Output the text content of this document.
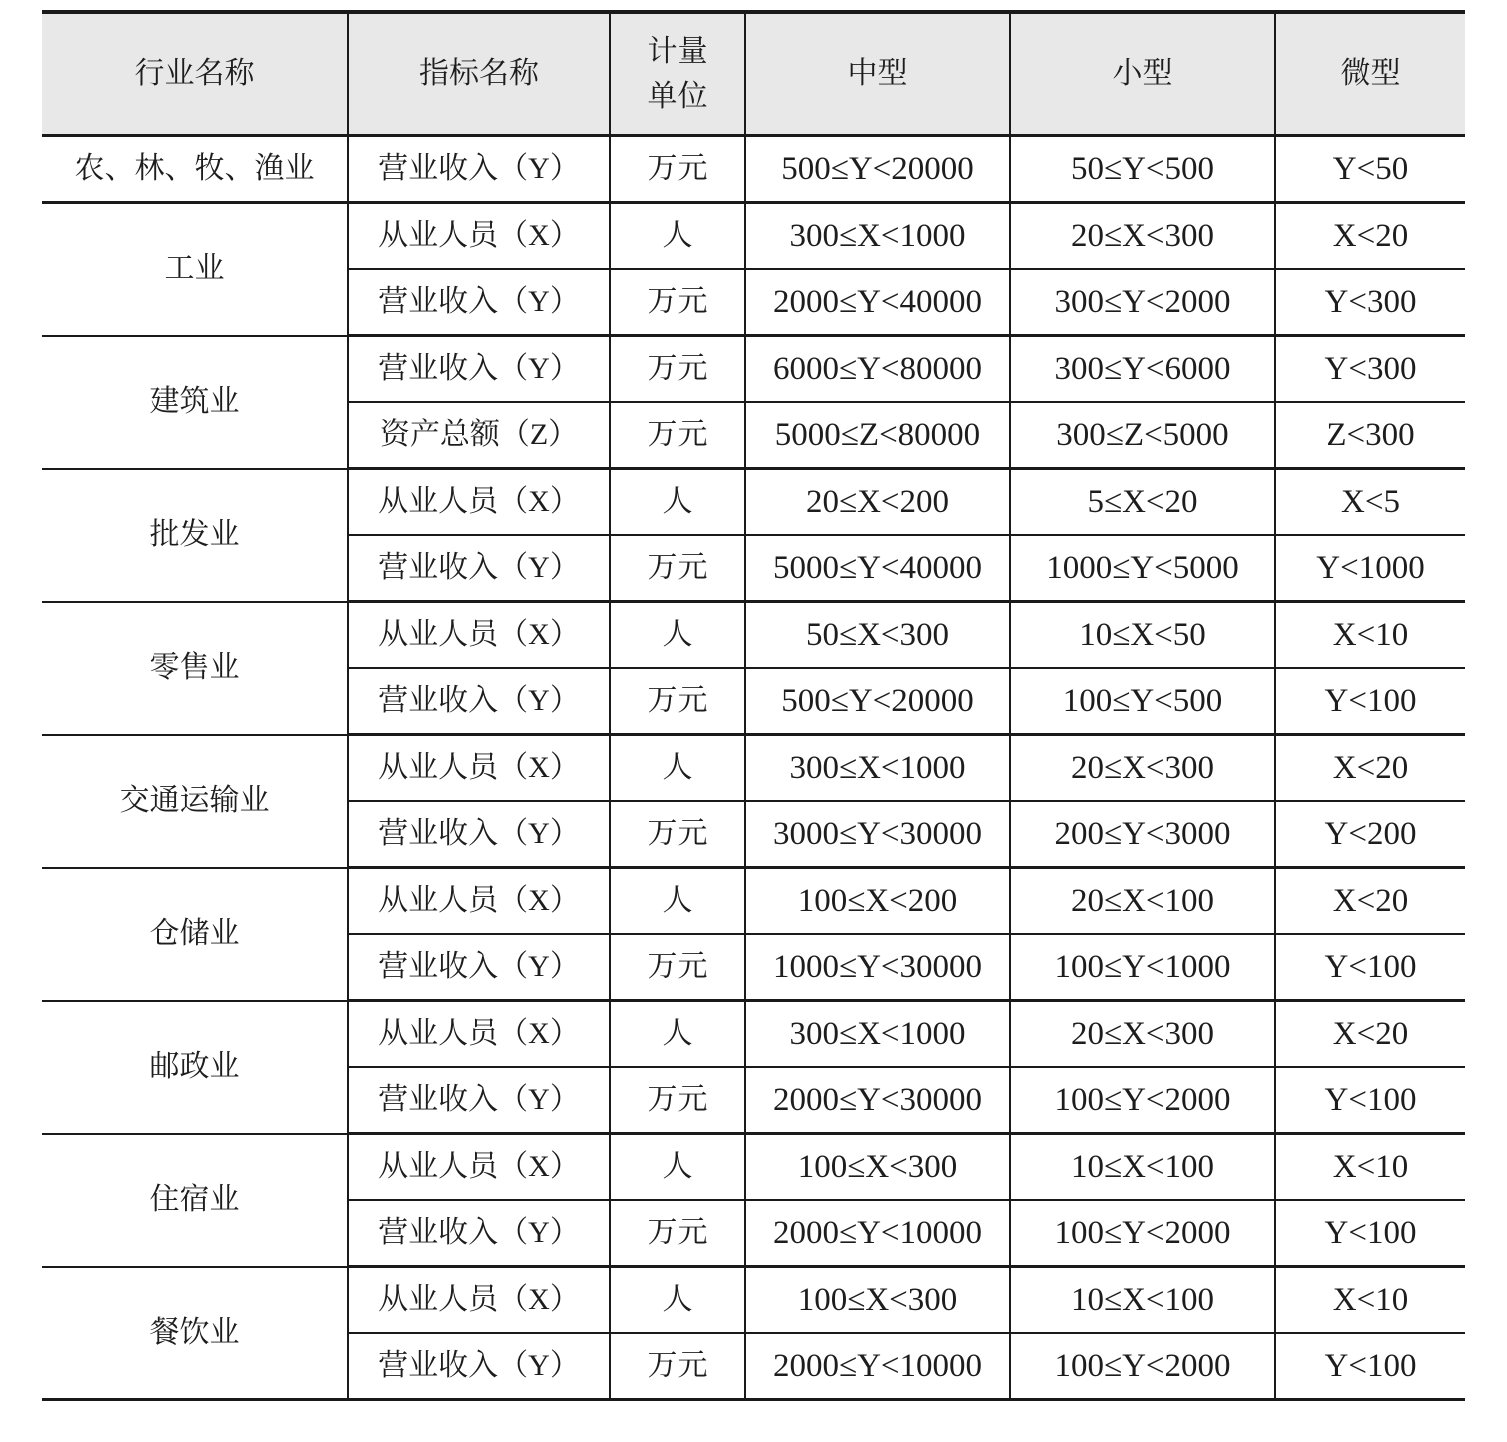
行业名称	指标名称	计量单位	中型	小型	微型
农、林、牧、渔业	营业收入（Y）	万元	500≤Y<20000	50≤Y<500	Y<50
工业	从业人员（X）	人	300≤X<1000	20≤X<300	X<20
	营业收入（Y）	万元	2000≤Y<40000	300≤Y<2000	Y<300
建筑业	营业收入（Y）	万元	6000≤Y<80000	300≤Y<6000	Y<300
	资产总额（Z）	万元	5000≤Z<80000	300≤Z<5000	Z<300
批发业	从业人员（X）	人	20≤X<200	5≤X<20	X<5
	营业收入（Y）	万元	5000≤Y<40000	1000≤Y<5000	Y<1000
零售业	从业人员（X）	人	50≤X<300	10≤X<50	X<10
	营业收入（Y）	万元	500≤Y<20000	100≤Y<500	Y<100
交通运输业	从业人员（X）	人	300≤X<1000	20≤X<300	X<20
	营业收入（Y）	万元	3000≤Y<30000	200≤Y<3000	Y<200
仓储业	从业人员（X）	人	100≤X<200	20≤X<100	X<20
	营业收入（Y）	万元	1000≤Y<30000	100≤Y<1000	Y<100
邮政业	从业人员（X）	人	300≤X<1000	20≤X<300	X<20
	营业收入（Y）	万元	2000≤Y<30000	100≤Y<2000	Y<100
住宿业	从业人员（X）	人	100≤X<300	10≤X<100	X<10
	营业收入（Y）	万元	2000≤Y<10000	100≤Y<2000	Y<100
餐饮业	从业人员（X）	人	100≤X<300	10≤X<100	X<10
	营业收入（Y）	万元	2000≤Y<10000	100≤Y<2000	Y<100
